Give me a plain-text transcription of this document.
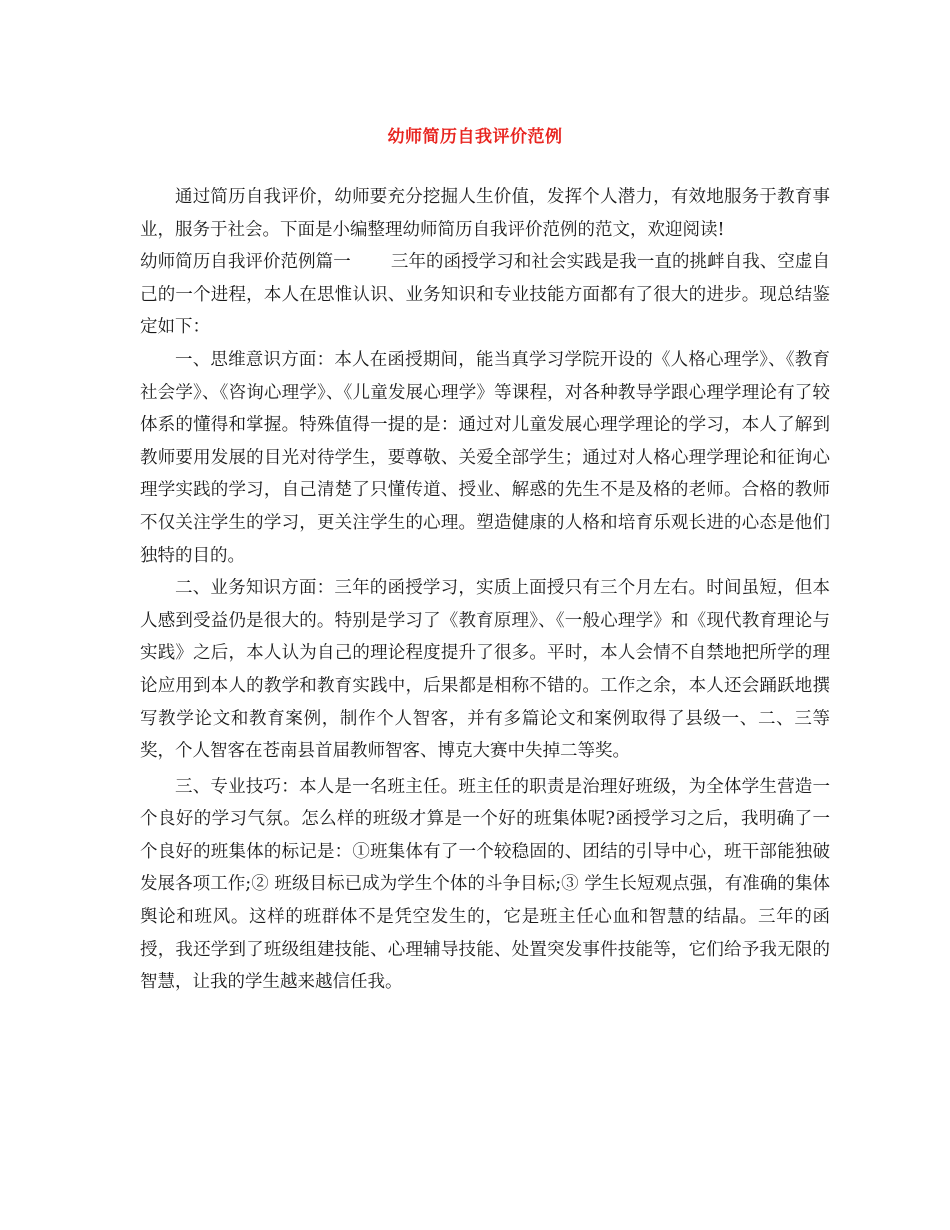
幼师简历自我评价范例

通过简历自我评价，幼师要充分挖掘人生价值，发挥个人潜力，有效地服务于教育事业，服务于社会。下面是小编整理幼师简历自我评价范例的范文，欢迎阅读!

幼师简历自我评价范例篇一 三年的函授学习和社会实践是我一直的挑衅自我、空虚自己的一个进程，本人在思惟认识、业务知识和专业技能方面都有了很大的进步。现总结鉴定如下：

一、思维意识方面：本人在函授期间，能当真学习学院开设的《人格心理学》、《教育社会学》、《咨询心理学》、《儿童发展心理学》等课程，对各种教导学跟心理学理论有了较体系的懂得和掌握。特殊值得一提的是：通过对儿童发展心理学理论的学习，本人了解到教师要用发展的目光对待学生，要尊敬、关爱全部学生；通过对人格心理学理论和征询心理学实践的学习，自己清楚了只懂传道、授业、解惑的先生不是及格的老师。合格的教师不仅关注学生的学习，更关注学生的心理。塑造健康的人格和培育乐观长进的心态是他们独特的目的。

二、业务知识方面：三年的函授学习，实质上面授只有三个月左右。时间虽短，但本人感到受益仍是很大的。特别是学习了《教育原理》、《一般心理学》和《现代教育理论与实践》之后，本人认为自己的理论程度提升了很多。平时，本人会情不自禁地把所学的理论应用到本人的教学和教育实践中，后果都是相称不错的。工作之余，本人还会踊跃地撰写教学论文和教育案例，制作个人智客，并有多篇论文和案例取得了县级一、二、三等奖，个人智客在苍南县首届教师智客、博克大赛中失掉二等奖。

三、专业技巧：本人是一名班主任。班主任的职责是治理好班级，为全体学生营造一个良好的学习气氛。怎么样的班级才算是一个好的班集体呢?函授学习之后，我明确了一个良好的班集体的标记是：①班集体有了一个较稳固的、团结的引导中心，班干部能独破发展各项工作;② 班级目标已成为学生个体的斗争目标;③ 学生长短观点强，有准确的集体舆论和班风。这样的班群体不是凭空发生的，它是班主任心血和智慧的结晶。三年的函授，我还学到了班级组建技能、心理辅导技能、处置突发事件技能等，它们给予我无限的智慧，让我的学生越来越信任我。
